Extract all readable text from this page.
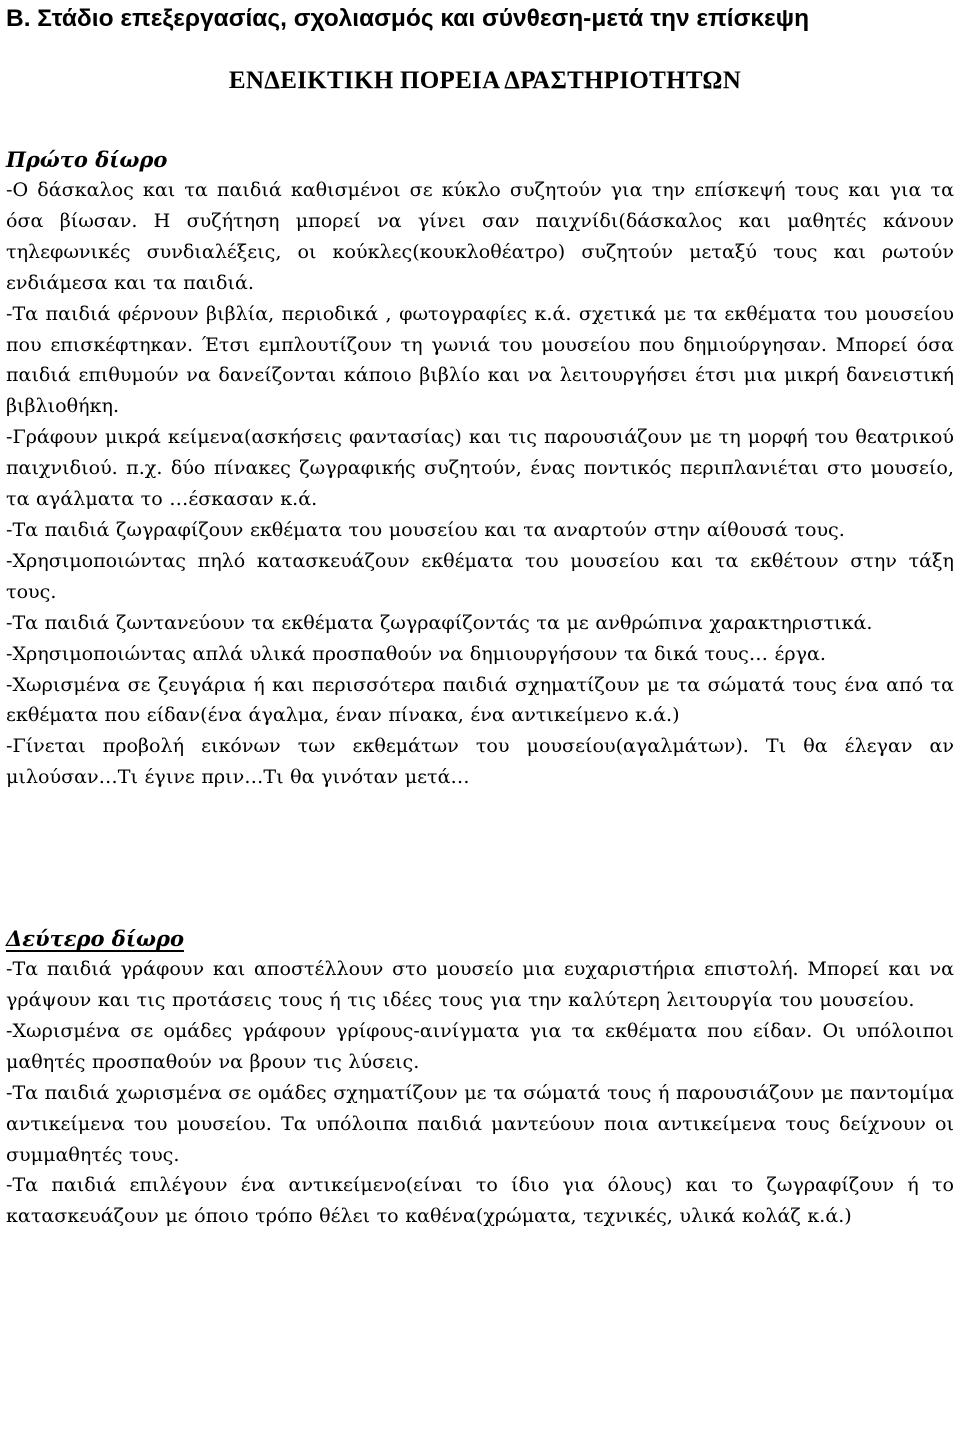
Β. Στάδιο επεξεργασίας, σχολιασμός και σύνθεση-μετά την επίσκεψη
ΕΝΔΕΙΚΤΙΚΗ ΠΟΡΕΙΑ ΔΡΑΣΤΗΡΙΟΤΗΤΩΝ
Πρώτο δίωρο

-Ο δάσκαλος και τα παιδιά καθισμένοι σε κύκλο συζητούν για την επίσκεψή τους και για τα όσα βίωσαν. Η συζήτηση μπορεί να γίνει σαν παιχνίδι(δάσκαλος και μαθητές κάνουν τηλεφωνικές συνδιαλέξεις, οι κούκλες(κουκλοθέατρο) συζητούν μεταξύ τους και ρωτούν ενδιάμεσα και τα παιδιά.

-Τα παιδιά φέρνουν βιβλία, περιοδικά , φωτογραφίες κ.ά. σχετικά με τα εκθέματα του μουσείου που επισκέφτηκαν. Έτσι εμπλουτίζουν τη γωνιά του μουσείου που δημιούργησαν. Μπορεί όσα παιδιά επιθυμούν να δανείζονται κάποιο βιβλίο και να λειτουργήσει έτσι μια μικρή δανειστική βιβλιοθήκη.

-Γράφουν μικρά κείμενα(ασκήσεις φαντασίας) και τις παρουσιάζουν με τη μορφή του θεατρικού παιχνιδιού. π.χ. δύο πίνακες ζωγραφικής συζητούν, ένας ποντικός περιπλανιέται στο μουσείο, τα αγάλματα το …έσκασαν κ.ά.

-Τα παιδιά ζωγραφίζουν εκθέματα του μουσείου και τα αναρτούν στην αίθουσά τους.

-Χρησιμοποιώντας πηλό κατασκευάζουν εκθέματα του μουσείου και τα εκθέτουν στην τάξη τους.

-Τα παιδιά ζωντανεύουν τα εκθέματα ζωγραφίζοντάς τα με ανθρώπινα χαρακτηριστικά.

-Χρησιμοποιώντας απλά υλικά προσπαθούν να δημιουργήσουν τα δικά τους… έργα.

-Χωρισμένα σε ζευγάρια ή και περισσότερα παιδιά σχηματίζουν με τα σώματά τους ένα από τα εκθέματα που είδαν(ένα άγαλμα, έναν πίνακα, ένα αντικείμενο κ.ά.)

-Γίνεται προβολή εικόνων των εκθεμάτων του μουσείου(αγαλμάτων). Τι θα έλεγαν αν μιλούσαν…Τι έγινε πριν…Τι θα γινόταν μετά…

Δεύτερο δίωρο

-Τα παιδιά γράφουν και αποστέλλουν στο μουσείο μια ευχαριστήρια επιστολή. Μπορεί και να γράψουν και τις προτάσεις τους ή τις ιδέες τους για την καλύτερη λειτουργία του μουσείου.

-Χωρισμένα σε ομάδες γράφουν γρίφους-αινίγματα για τα εκθέματα που είδαν. Οι υπόλοιποι μαθητές προσπαθούν να βρουν τις λύσεις.

-Τα παιδιά χωρισμένα σε ομάδες σχηματίζουν με τα σώματά τους ή παρουσιάζουν με παντομίμα αντικείμενα του μουσείου. Τα υπόλοιπα παιδιά μαντεύουν ποια αντικείμενα τους δείχνουν οι συμμαθητές τους.

-Τα παιδιά επιλέγουν ένα αντικείμενο(είναι το ίδιο για όλους) και το ζωγραφίζουν ή το κατασκευάζουν με όποιο τρόπο θέλει το καθένα(χρώματα, τεχνικές, υλικά κολάζ κ.ά.)
